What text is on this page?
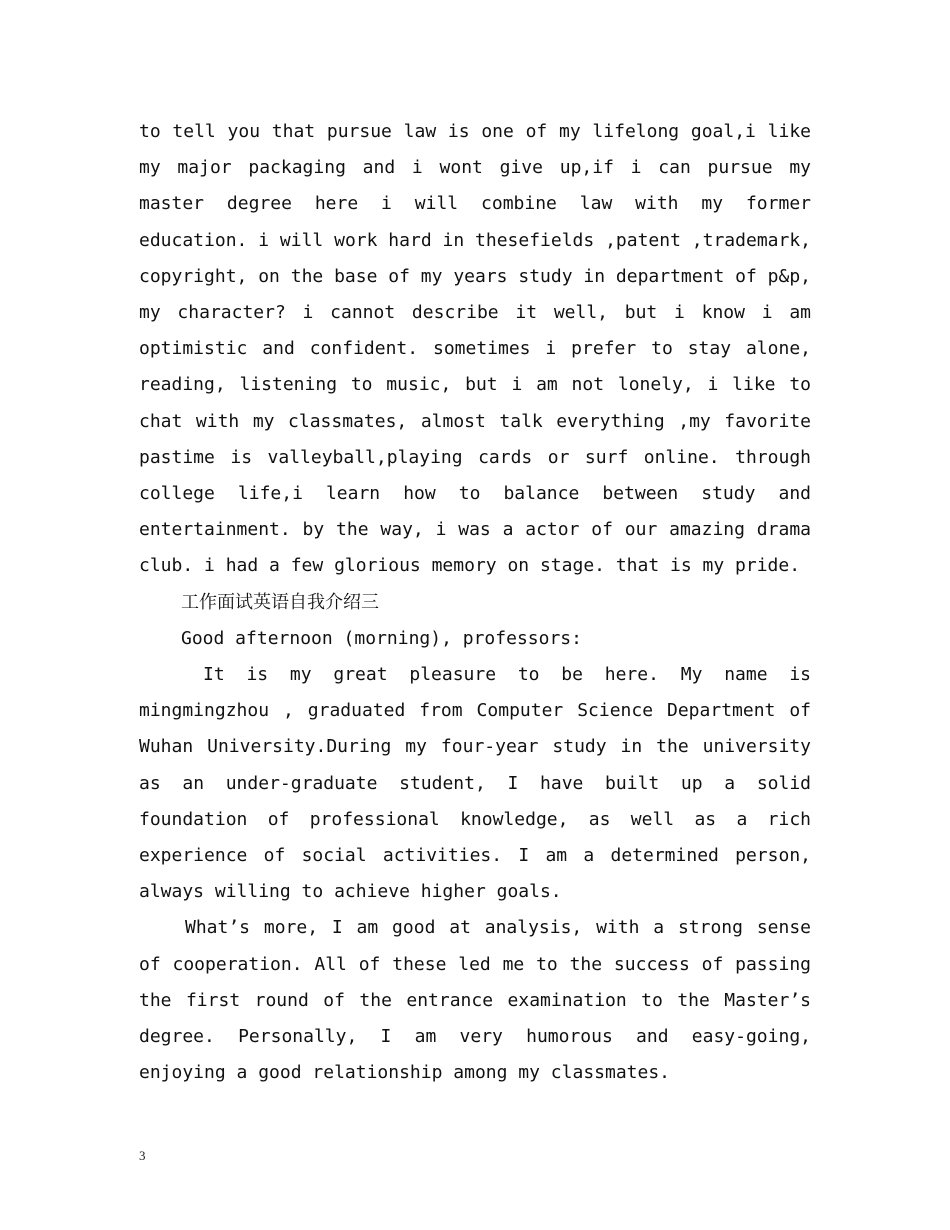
to tell you that pursue law is one of my lifelong goal,i like my major packaging and i wont give up,if i can pursue my master degree here i will combine law with my former education. i will work hard in thesefields ,patent ,trademark, copyright, on the base of my years study in department of p&p, my character? i cannot describe it well, but i know i am optimistic and confident. sometimes i prefer to stay alone, reading, listening to music, but i am not lonely, i like to chat with my classmates, almost talk everything ,my favorite pastime is valleyball,playing cards or surf online. through college life,i learn how to balance between study and entertainment. by the way, i was a actor of our amazing drama club. i had a few glorious memory on stage. that is my pride.

工作面试英语自我介绍三

Good afternoon (morning), professors:

It is my great pleasure to be here. My name is mingmingzhou , graduated from Computer Science Department of Wuhan University.During my four-year study in the university as an under-graduate student, I have built up a solid foundation of professional knowledge, as well as a rich experience of social activities. I am a determined person, always willing to achieve higher goals.

What’s more, I am good at analysis, with a strong sense of cooperation. All of these led me to the success of passing the first round of the entrance examination to the Master’s degree. Personally, I am very humorous and easy-going, enjoying a good relationship among my classmates.

3
